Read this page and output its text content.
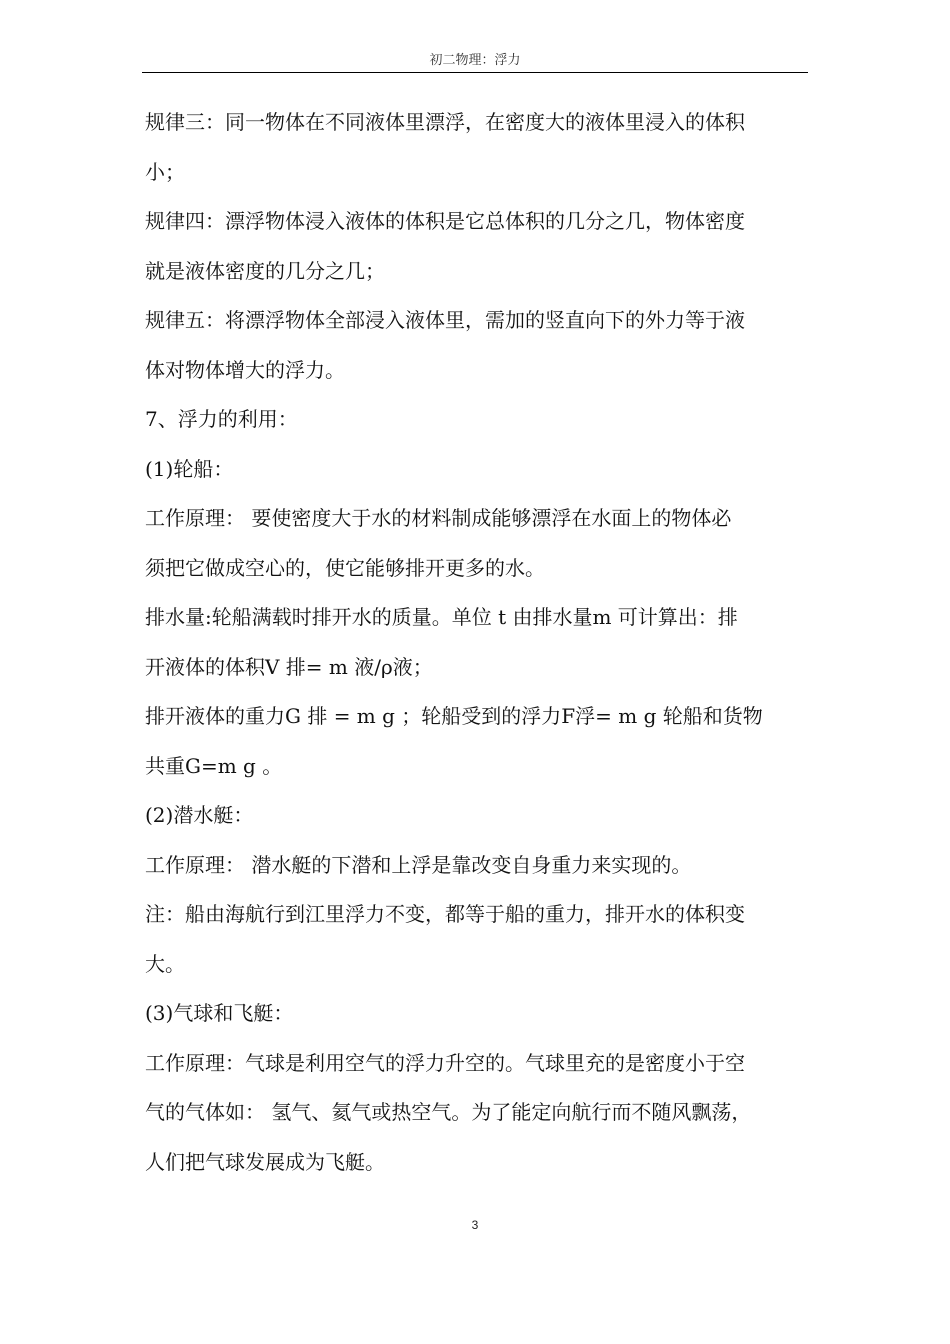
初二物理：浮力
规律三：同一物体在不同液体里漂浮，在密度大的液体里浸入的体积
小；
规律四：漂浮物体浸入液体的体积是它总体积的几分之几，物体密度
就是液体密度的几分之几；
规律五：将漂浮物体全部浸入液体里，需加的竖直向下的外力等于液
体对物体增大的浮力。
7、浮力的利用：
(1)轮船：
工作原理： 要使密度大于水的材料制成能够漂浮在水面上的物体必
须把它做成空心的，使它能够排开更多的水。
排水量:轮船满载时排开水的质量。单位 t 由排水量m 可计算出：排
开液体的体积V 排= m 液/ρ液；
排开液体的重力G 排 = m g ；轮船受到的浮力F浮= m g 轮船和货物
共重G=m g 。
(2)潜水艇：
工作原理： 潜水艇的下潜和上浮是靠改变自身重力来实现的。
注：船由海航行到江里浮力不变，都等于船的重力，排开水的体积变
大。
(3)气球和飞艇：
工作原理：气球是利用空气的浮力升空的。气球里充的是密度小于空
气的气体如： 氢气、氦气或热空气。为了能定向航行而不随风飘荡，
人们把气球发展成为飞艇。
3
